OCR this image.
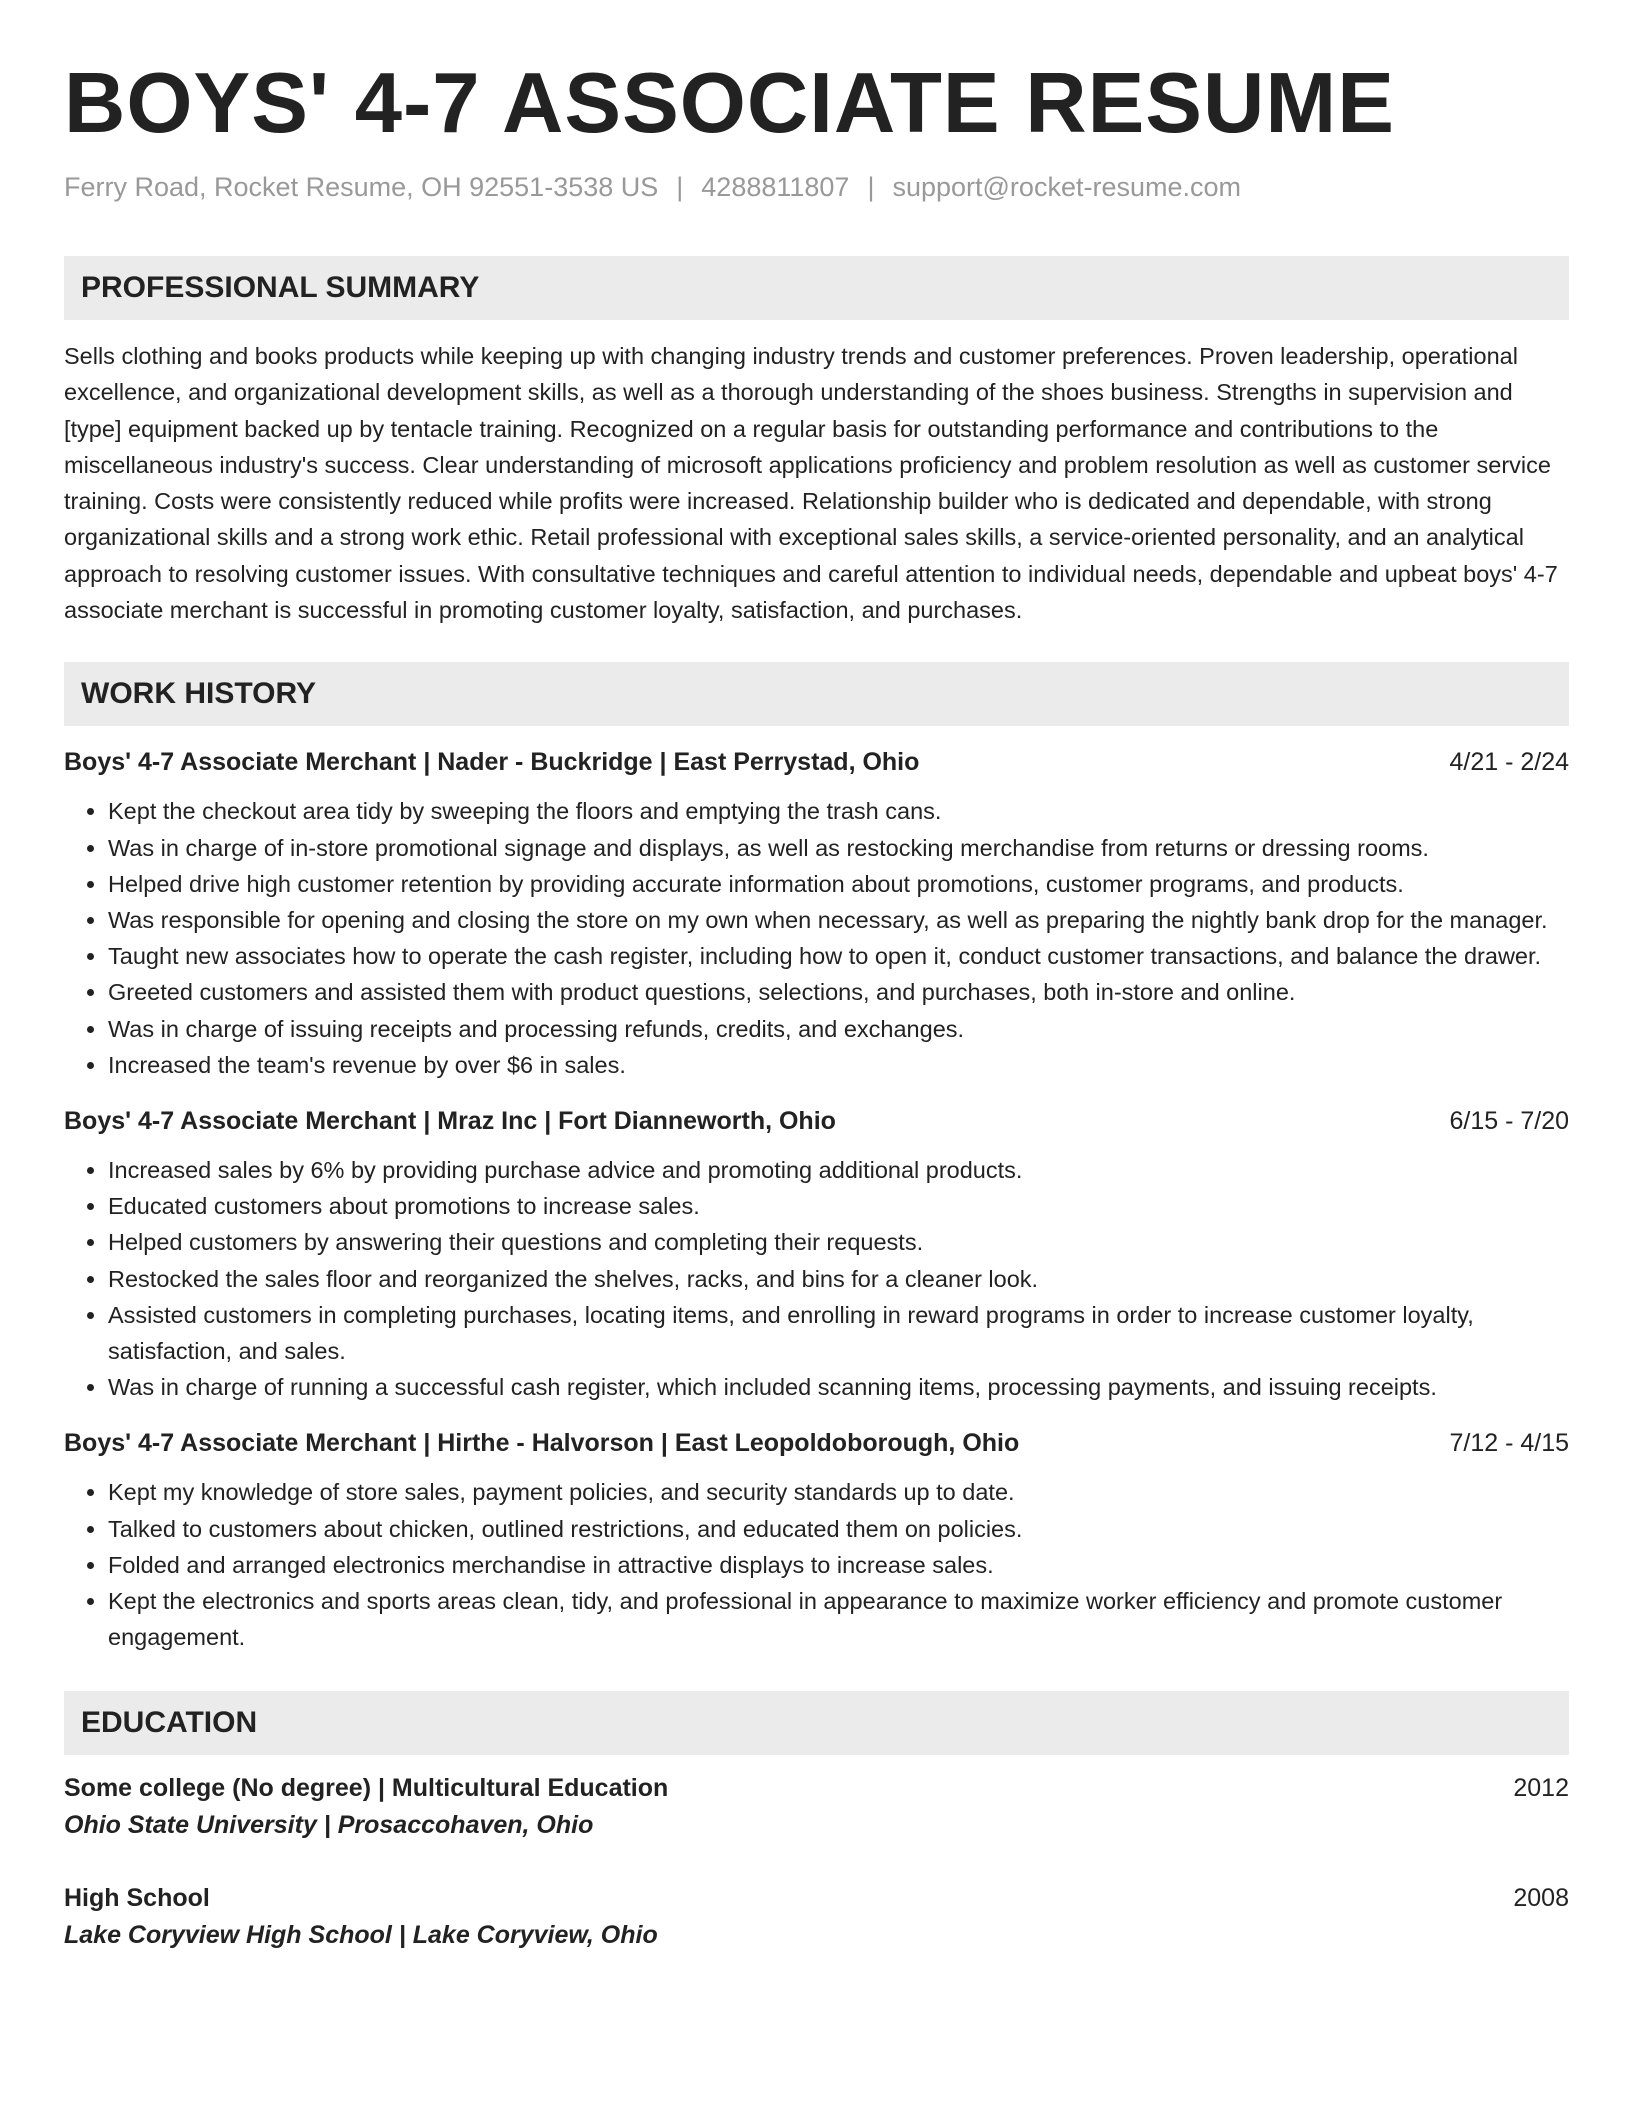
BOYS' 4-7 ASSOCIATE RESUME
Ferry Road, Rocket Resume, OH 92551-3538 US | 4288811807 | support@rocket-resume.com
PROFESSIONAL SUMMARY
Sells clothing and books products while keeping up with changing industry trends and customer preferences. Proven leadership, operational excellence, and organizational development skills, as well as a thorough understanding of the shoes business. Strengths in supervision and [type] equipment backed up by tentacle training. Recognized on a regular basis for outstanding performance and contributions to the miscellaneous industry's success. Clear understanding of microsoft applications proficiency and problem resolution as well as customer service training. Costs were consistently reduced while profits were increased. Relationship builder who is dedicated and dependable, with strong organizational skills and a strong work ethic. Retail professional with exceptional sales skills, a service-oriented personality, and an analytical approach to resolving customer issues. With consultative techniques and careful attention to individual needs, dependable and upbeat boys' 4-7 associate merchant is successful in promoting customer loyalty, satisfaction, and purchases.
WORK HISTORY
Boys' 4-7 Associate Merchant | Nader - Buckridge | East Perrystad, Ohio	4/21 - 2/24
• Kept the checkout area tidy by sweeping the floors and emptying the trash cans.
• Was in charge of in-store promotional signage and displays, as well as restocking merchandise from returns or dressing rooms.
• Helped drive high customer retention by providing accurate information about promotions, customer programs, and products.
• Was responsible for opening and closing the store on my own when necessary, as well as preparing the nightly bank drop for the manager.
• Taught new associates how to operate the cash register, including how to open it, conduct customer transactions, and balance the drawer.
• Greeted customers and assisted them with product questions, selections, and purchases, both in-store and online.
• Was in charge of issuing receipts and processing refunds, credits, and exchanges.
• Increased the team's revenue by over $6 in sales.
Boys' 4-7 Associate Merchant | Mraz Inc | Fort Dianneworth, Ohio	6/15 - 7/20
• Increased sales by 6% by providing purchase advice and promoting additional products.
• Educated customers about promotions to increase sales.
• Helped customers by answering their questions and completing their requests.
• Restocked the sales floor and reorganized the shelves, racks, and bins for a cleaner look.
• Assisted customers in completing purchases, locating items, and enrolling in reward programs in order to increase customer loyalty, satisfaction, and sales.
• Was in charge of running a successful cash register, which included scanning items, processing payments, and issuing receipts.
Boys' 4-7 Associate Merchant | Hirthe - Halvorson | East Leopoldoborough, Ohio	7/12 - 4/15
• Kept my knowledge of store sales, payment policies, and security standards up to date.
• Talked to customers about chicken, outlined restrictions, and educated them on policies.
• Folded and arranged electronics merchandise in attractive displays to increase sales.
• Kept the electronics and sports areas clean, tidy, and professional in appearance to maximize worker efficiency and promote customer engagement.
EDUCATION
Some college (No degree) | Multicultural Education	2012
Ohio State University | Prosaccohaven, Ohio
High School	2008
Lake Coryview High School | Lake Coryview, Ohio
